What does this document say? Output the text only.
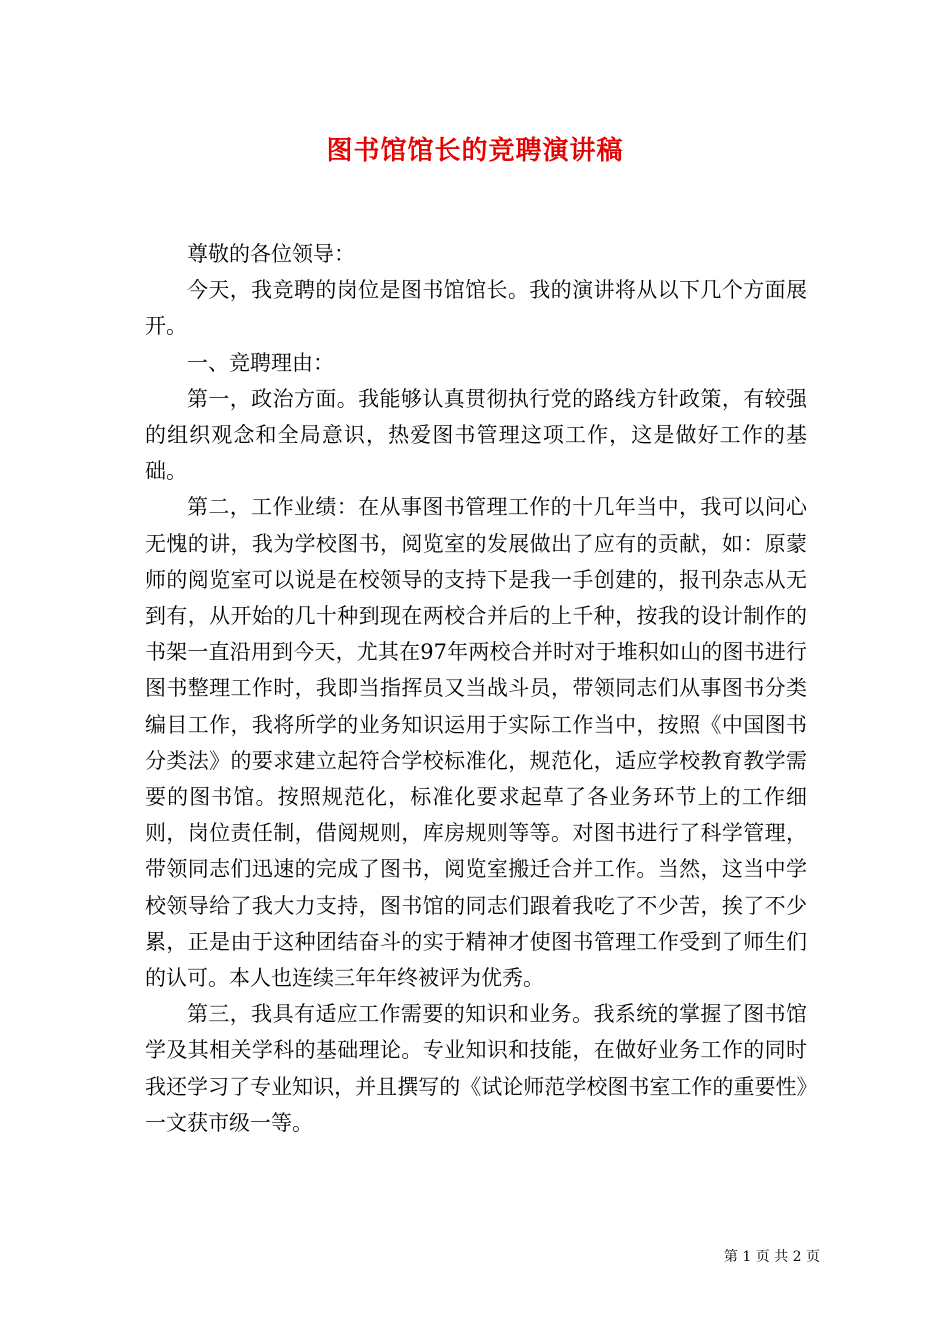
图书馆馆长的竞聘演讲稿

尊敬的各位领导：

今天，我竞聘的岗位是图书馆馆长。我的演讲将从以下几个方面展开。

一、竞聘理由：

第一，政治方面。我能够认真贯彻执行党的路线方针政策，有较强的组织观念和全局意识，热爱图书管理这项工作，这是做好工作的基础。

第二，工作业绩：在从事图书管理工作的十几年当中，我可以问心无愧的讲，我为学校图书，阅览室的发展做出了应有的贡献，如：原蒙师的阅览室可以说是在校领导的支持下是我一手创建的，报刊杂志从无到有，从开始的几十种到现在两校合并后的上千种，按我的设计制作的书架一直沿用到今天，尤其在97年两校合并时对于堆积如山的图书进行图书整理工作时，我即当指挥员又当战斗员，带领同志们从事图书分类编目工作，我将所学的业务知识运用于实际工作当中，按照《中国图书分类法》的要求建立起符合学校标准化，规范化，适应学校教育教学需要的图书馆。按照规范化，标准化要求起草了各业务环节上的工作细则，岗位责任制，借阅规则，库房规则等等。对图书进行了科学管理，带领同志们迅速的完成了图书，阅览室搬迁合并工作。当然，这当中学校领导给了我大力支持，图书馆的同志们跟着我吃了不少苦，挨了不少累，正是由于这种团结奋斗的实于精神才使图书管理工作受到了师生们的认可。本人也连续三年年终被评为优秀。

第三，我具有适应工作需要的知识和业务。我系统的掌握了图书馆学及其相关学科的基础理论。专业知识和技能，在做好业务工作的同时我还学习了专业知识，并且撰写的《试论师范学校图书室工作的重要性》一文获市级一等。

第 1 页 共 2 页
